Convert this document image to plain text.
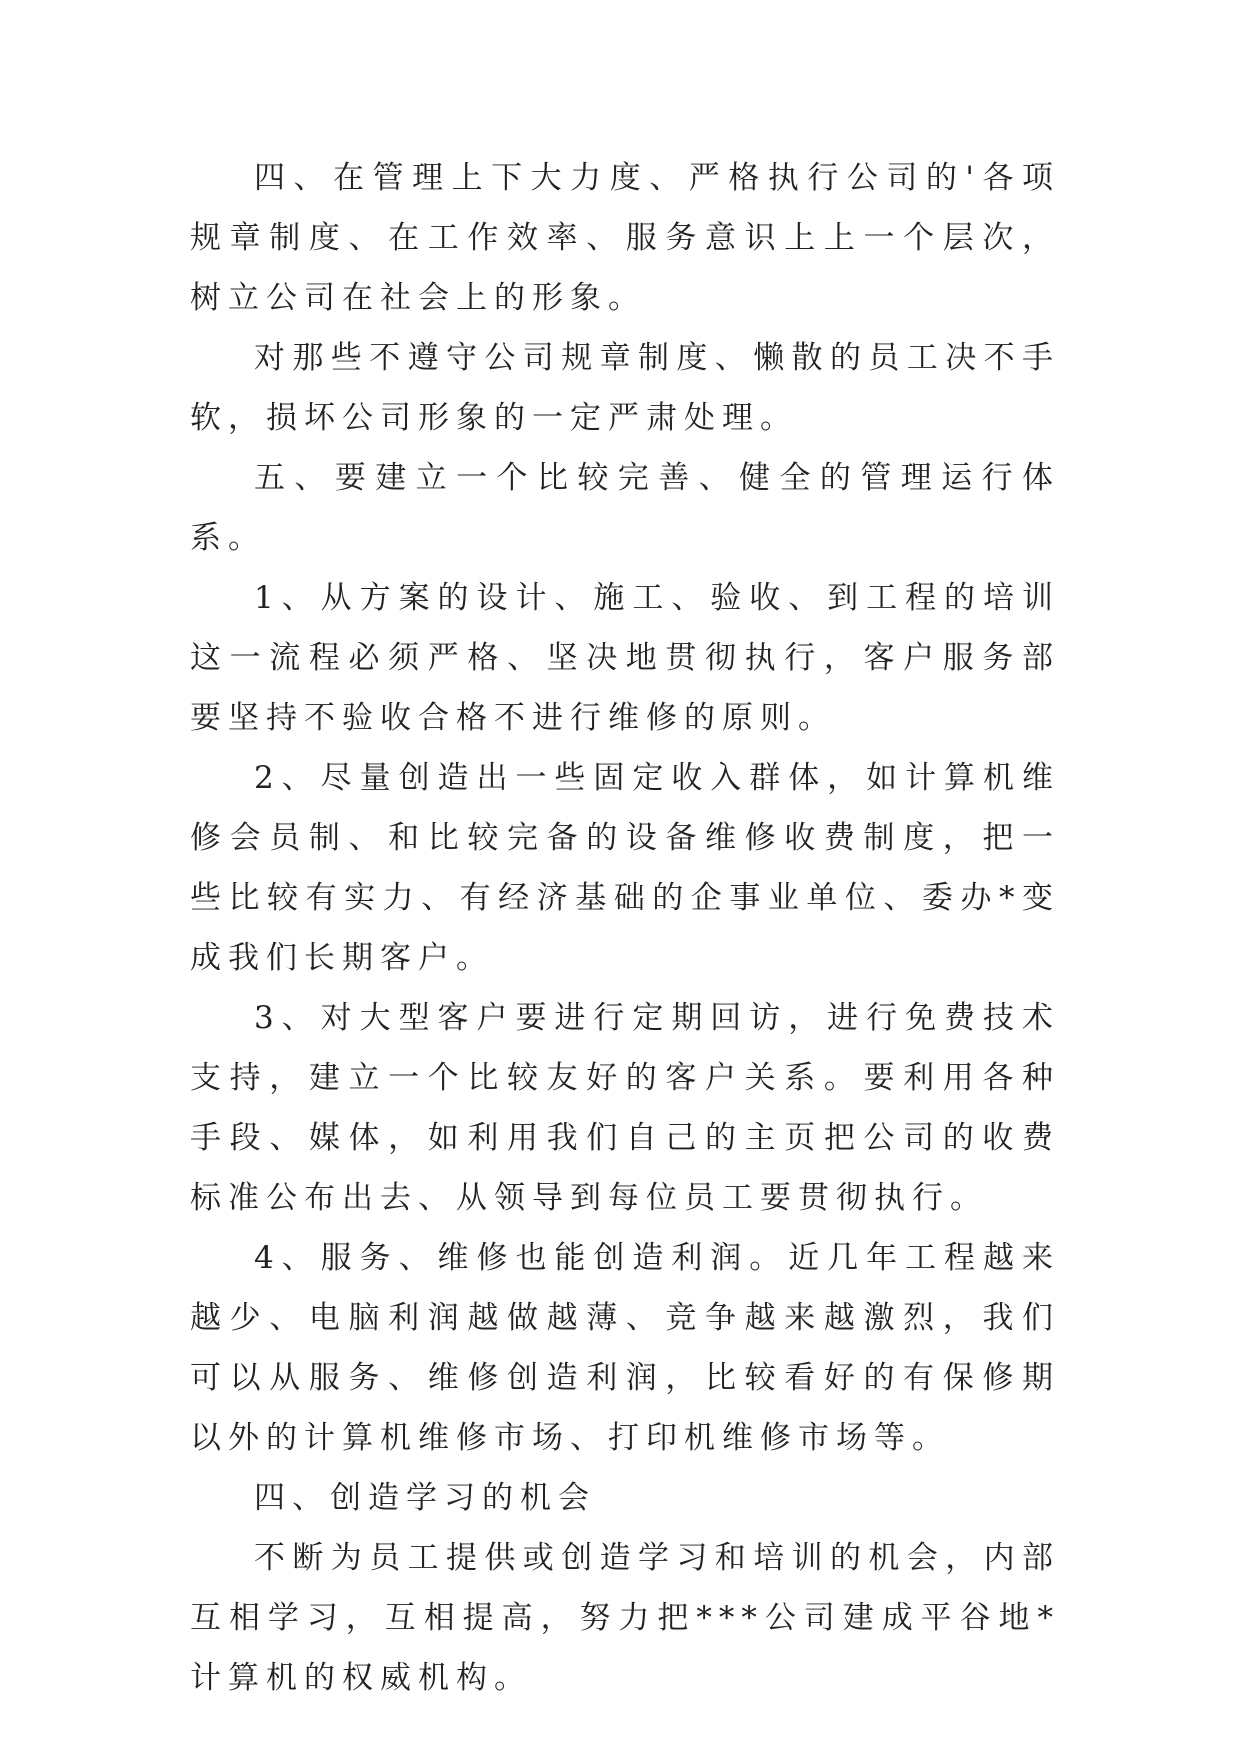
四、在管理上下大力度、严格执行公司的'各项规章制度、在工作效率、服务意识上上一个层次，树立公司在社会上的形象。

对那些不遵守公司规章制度、懒散的员工决不手软，损坏公司形象的一定严肃处理。

五、要建立一个比较完善、健全的管理运行体系。

1、从方案的设计、施工、验收、到工程的培训这一流程必须严格、坚决地贯彻执行，客户服务部要坚持不验收合格不进行维修的原则。

2、尽量创造出一些固定收入群体，如计算机维修会员制、和比较完备的设备维修收费制度，把一些比较有实力、有经济基础的企事业单位、委办*变成我们长期客户。

3、对大型客户要进行定期回访，进行免费技术支持，建立一个比较友好的客户关系。要利用各种手段、媒体，如利用我们自己的主页把公司的收费标准公布出去、从领导到每位员工要贯彻执行。

4、服务、维修也能创造利润。近几年工程越来越少、电脑利润越做越薄、竞争越来越激烈，我们可以从服务、维修创造利润，比较看好的有保修期以外的计算机维修市场、打印机维修市场等。

四、创造学习的机会

不断为员工提供或创造学习和培训的机会，内部互相学习，互相提高，努力把***公司建成平谷地*计算机的权威机构。
